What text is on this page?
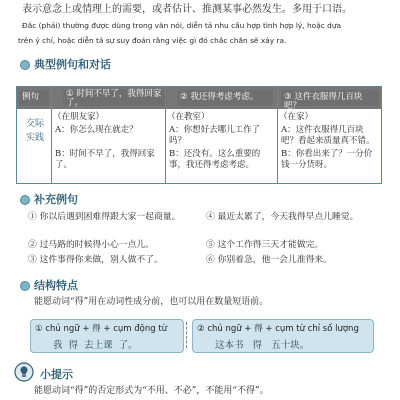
表示意念上或情理上的需要，或者估计、推测某事必然发生。多用于口语。
Đắc (phải) thường được dùng trong văn nói, diễn tả nhu cầu hợp tình hợp lý, hoặc dựa
trên ý chí, hoặc diễn tả sự suy đoán rằng việc gì đó chắc chắn sẽ xảy ra.
典型例句和对话
例句	① 时间不早了，我得回家了。
② 我还得考虑考虑。	③ 这件衣服得几百块吧？
交际实践
（在朋友家）
A：你怎么现在就走？
B：时间不早了，我得回家了。
（在教室）
A：你想好去哪儿工作了吗？
B：还没有。这么重要的事，我还得考虑考虑。
（在家）
A：这件衣服得几百块吧？看起来质量真不错。
B：你看出来了？一分价钱一分货呀。
补充例句
① 你以后遇到困难得跟大家一起商量。
② 过马路的时候得小心一点儿。
③ 这件事得你来做，别人做不了。
④ 最近太累了，今天我得早点儿睡觉。
⑤ 这个工作得三天才能做完。
⑥ 你别着急，他一会儿准得来。
结构特点
能愿动词“得”用在动词性成分前，也可以用在数量短语前。
① chủ ngữ + 得 + cụm động từ
我  得  去上课  了。
② chủ ngữ + 得 + cụm từ chỉ số lượng
这本书   得   五十块。
小提示
能愿动词“得”的否定形式为“不用、不必”，不能用“不得”。
